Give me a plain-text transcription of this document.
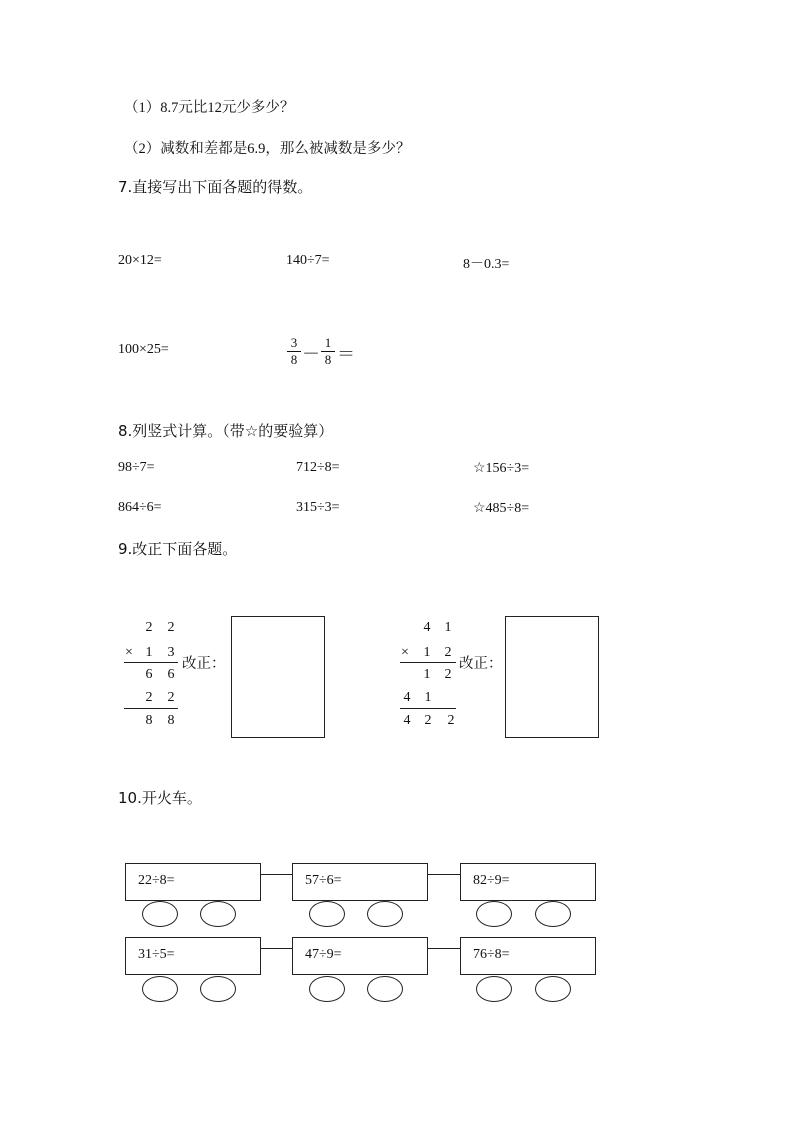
（1）8.7元比12元少多少？
（2）减数和差都是6.9，那么被减数是多少？
7.直接写出下面各题的得数。
20×12=	140÷7=	8－0.3=
100×25=	$\frac{3}{8} - \frac{1}{8}$ ＝
8.列竖式计算。（带☆的要验算）
98÷7=	712÷8=	☆156÷3=
864÷6=	315÷3=	☆485÷8=
9.改正下面各题。
2 2
× 1 3
6 6
2 2
8 8
改正：
4 1
× 1 2
1 2
4 1
4 2 2
改正：
10.开火车。
22÷8=	57÷6=	82÷9=
31÷5=	47÷9=	76÷8=
